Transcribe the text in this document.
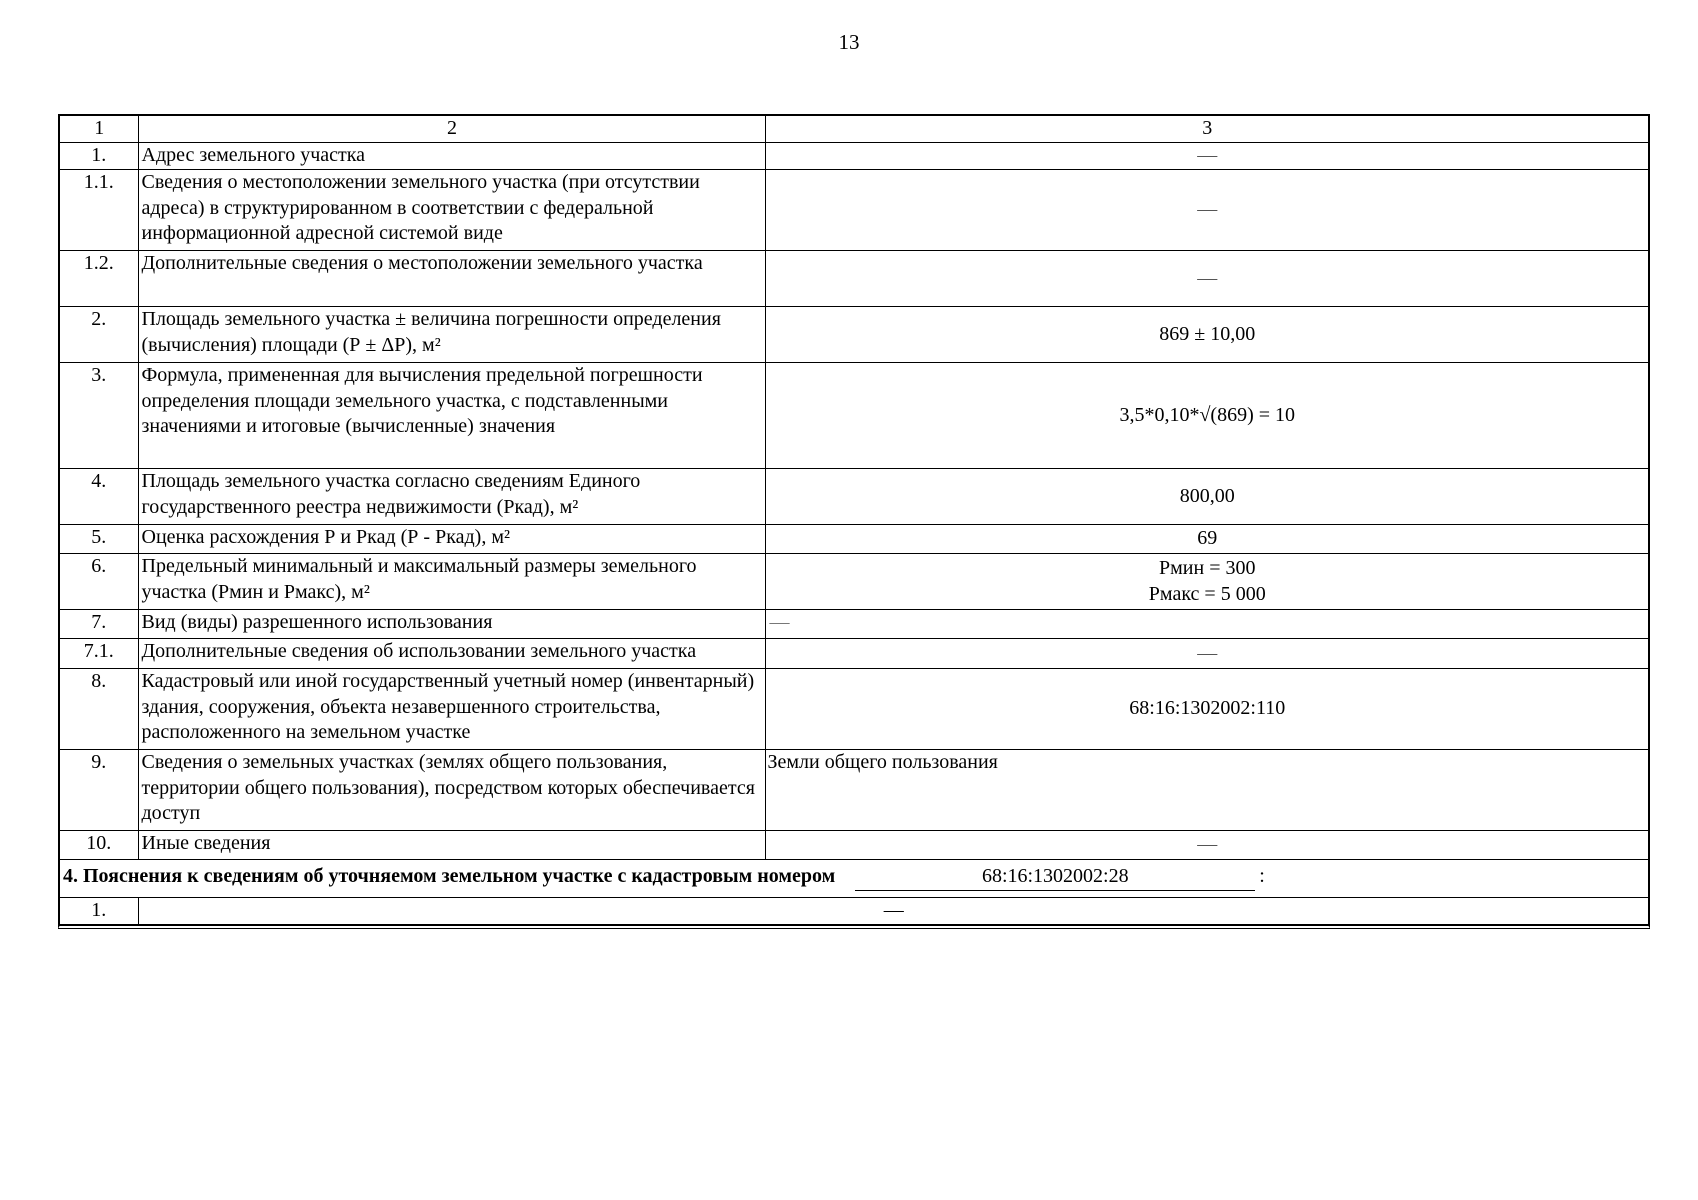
13
1	2	3
1.	Адрес земельного участка	—
1.1.	Сведения о местоположении земельного участка (при отсутствии адреса) в структурированном в соответствии с федеральной информационной адресной системой виде	—
1.2.	Дополнительные сведения о местоположении земельного участка	—
2.	Площадь земельного участка ± величина погрешности определения (вычисления) площади (Р ± ΔР), м²	869 ± 10,00
3.	Формула, примененная для вычисления предельной погрешности определения площади земельного участка, с подставленными значениями и итоговые (вычисленные) значения	3,5*0,10*√(869) = 10
4.	Площадь земельного участка согласно сведениям Единого государственного реестра недвижимости (Ркад), м²	800,00
5.	Оценка расхождения Р и Ркад (Р - Ркад), м²	69
6.	Предельный минимальный и максимальный размеры земельного участка (Рмин и Рмакс), м²	Рмин = 300
Рмакс = 5 000

7.	Вид (виды) разрешенного использования	—
7.1.	Дополнительные сведения об использовании земельного участка	—
8.	Кадастровый или иной государственный учетный номер (инвентарный) здания, сооружения, объекта незавершенного строительства, расположенного на земельном участке	68:16:1302002:110
9.	Сведения о земельных участках (землях общего пользования, территории общего пользования), посредством которых обеспечивается доступ	Земли общего пользования
10.	Иные сведения	—
4. Пояснения к сведениям об уточняемом земельном участке с кадастровым номером 68:16:1302002:28 :		
1.	—	
